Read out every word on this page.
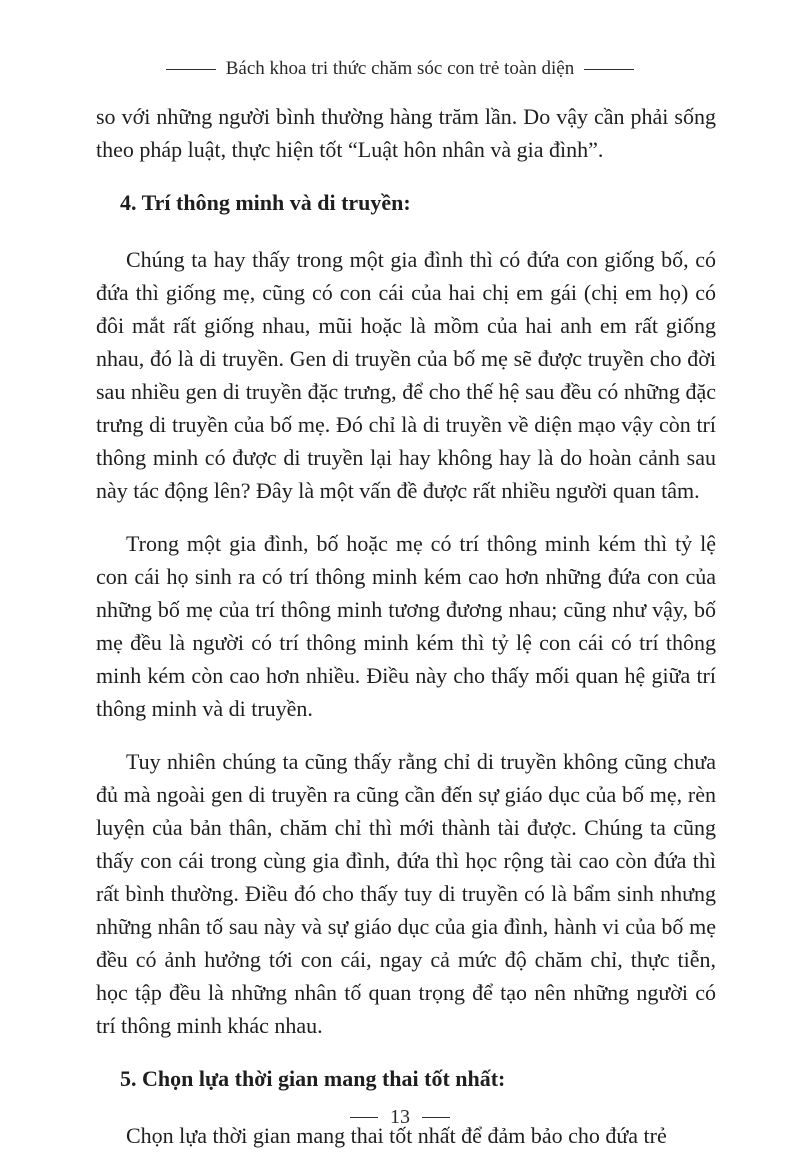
Bách khoa tri thức chăm sóc con trẻ toàn diện

so với những người bình thường hàng trăm lần. Do vậy cần phải sống theo pháp luật, thực hiện tốt “Luật hôn nhân và gia đình”.

4. Trí thông minh và di truyền:

Chúng ta hay thấy trong một gia đình thì có đứa con giống bố, có đứa thì giống mẹ, cũng có con cái của hai chị em gái (chị em họ) có đôi mắt rất giống nhau, mũi hoặc là mồm của hai anh em rất giống nhau, đó là di truyền. Gen di truyền của bố mẹ sẽ được truyền cho đời sau nhiều gen di truyền đặc trưng, để cho thế hệ sau đều có những đặc trưng di truyền của bố mẹ. Đó chỉ là di truyền về diện mạo vậy còn trí thông minh có được di truyền lại hay không hay là do hoàn cảnh sau này tác động lên? Đây là một vấn đề được rất nhiều người quan tâm.

Trong một gia đình, bố hoặc mẹ có trí thông minh kém thì tỷ lệ con cái họ sinh ra có trí thông minh kém cao hơn những đứa con của những bố mẹ của trí thông minh tương đương nhau; cũng như vậy, bố mẹ đều là người có trí thông minh kém thì tỷ lệ con cái có trí thông minh kém còn cao hơn nhiều. Điều này cho thấy mối quan hệ giữa trí thông minh và di truyền.

Tuy nhiên chúng ta cũng thấy rằng chỉ di truyền không cũng chưa đủ mà ngoài gen di truyền ra cũng cần đến sự giáo dục của bố mẹ, rèn luyện của bản thân, chăm chỉ thì mới thành tài được. Chúng ta cũng thấy con cái trong cùng gia đình, đứa thì học rộng tài cao còn đứa thì rất bình thường. Điều đó cho thấy tuy di truyền có là bẩm sinh nhưng những nhân tố sau này và sự giáo dục của gia đình, hành vi của bố mẹ đều có ảnh hưởng tới con cái, ngay cả mức độ chăm chỉ, thực tiễn, học tập đều là những nhân tố quan trọng để tạo nên những người có trí thông minh khác nhau.

5. Chọn lựa thời gian mang thai tốt nhất:

Chọn lựa thời gian mang thai tốt nhất để đảm bảo cho đứa trẻ

13
